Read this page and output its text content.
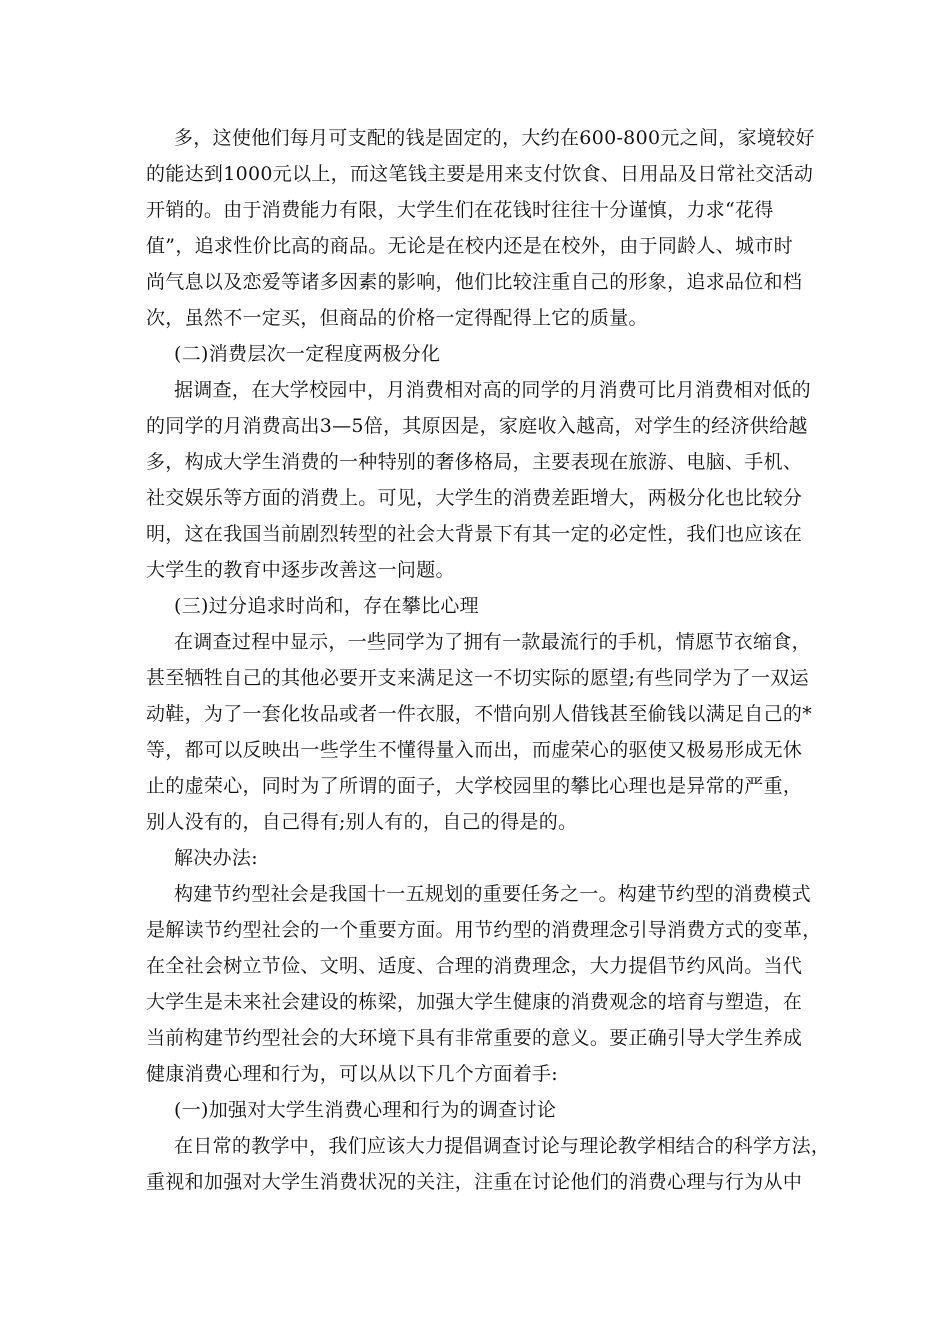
多，这使他们每月可支配的钱是固定的，大约在600-800元之间，家境较好
的能达到1000元以上，而这笔钱主要是用来支付饮食、日用品及日常社交活动
开销的。由于消费能力有限，大学生们在花钱时往往十分谨慎，力求“花得
值”，追求性价比高的商品。无论是在校内还是在校外，由于同龄人、城市时
尚气息以及恋爱等诸多因素的影响，他们比较注重自己的形象，追求品位和档
次，虽然不一定买，但商品的价格一定得配得上它的质量。
(二)消费层次一定程度两极分化
据调查，在大学校园中，月消费相对高的同学的月消费可比月消费相对低的
的同学的月消费高出3—5倍，其原因是，家庭收入越高，对学生的经济供给越
多，构成大学生消费的一种特别的奢侈格局，主要表现在旅游、电脑、手机、
社交娱乐等方面的消费上。可见，大学生的消费差距增大，两极分化也比较分
明，这在我国当前剧烈转型的社会大背景下有其一定的必定性，我们也应该在
大学生的教育中逐步改善这一问题。
(三)过分追求时尚和，存在攀比心理
在调查过程中显示，一些同学为了拥有一款最流行的手机，情愿节衣缩食，
甚至牺牲自己的其他必要开支来满足这一不切实际的愿望;有些同学为了一双运
动鞋，为了一套化妆品或者一件衣服，不惜向别人借钱甚至偷钱以满足自己的*
等，都可以反映出一些学生不懂得量入而出，而虚荣心的驱使又极易形成无休
止的虚荣心，同时为了所谓的面子，大学校园里的攀比心理也是异常的严重，
别人没有的，自己得有;别人有的，自己的得是的。
解决办法:
构建节约型社会是我国十一五规划的重要任务之一。构建节约型的消费模式
是解读节约型社会的一个重要方面。用节约型的消费理念引导消费方式的变革，
在全社会树立节俭、文明、适度、合理的消费理念，大力提倡节约风尚。当代
大学生是未来社会建设的栋梁，加强大学生健康的消费观念的培育与塑造，在
当前构建节约型社会的大环境下具有非常重要的意义。要正确引导大学生养成
健康消费心理和行为，可以从以下几个方面着手:
(一)加强对大学生消费心理和行为的调查讨论
在日常的教学中，我们应该大力提倡调查讨论与理论教学相结合的科学方法，
重视和加强对大学生消费状况的关注，注重在讨论他们的消费心理与行为从中
